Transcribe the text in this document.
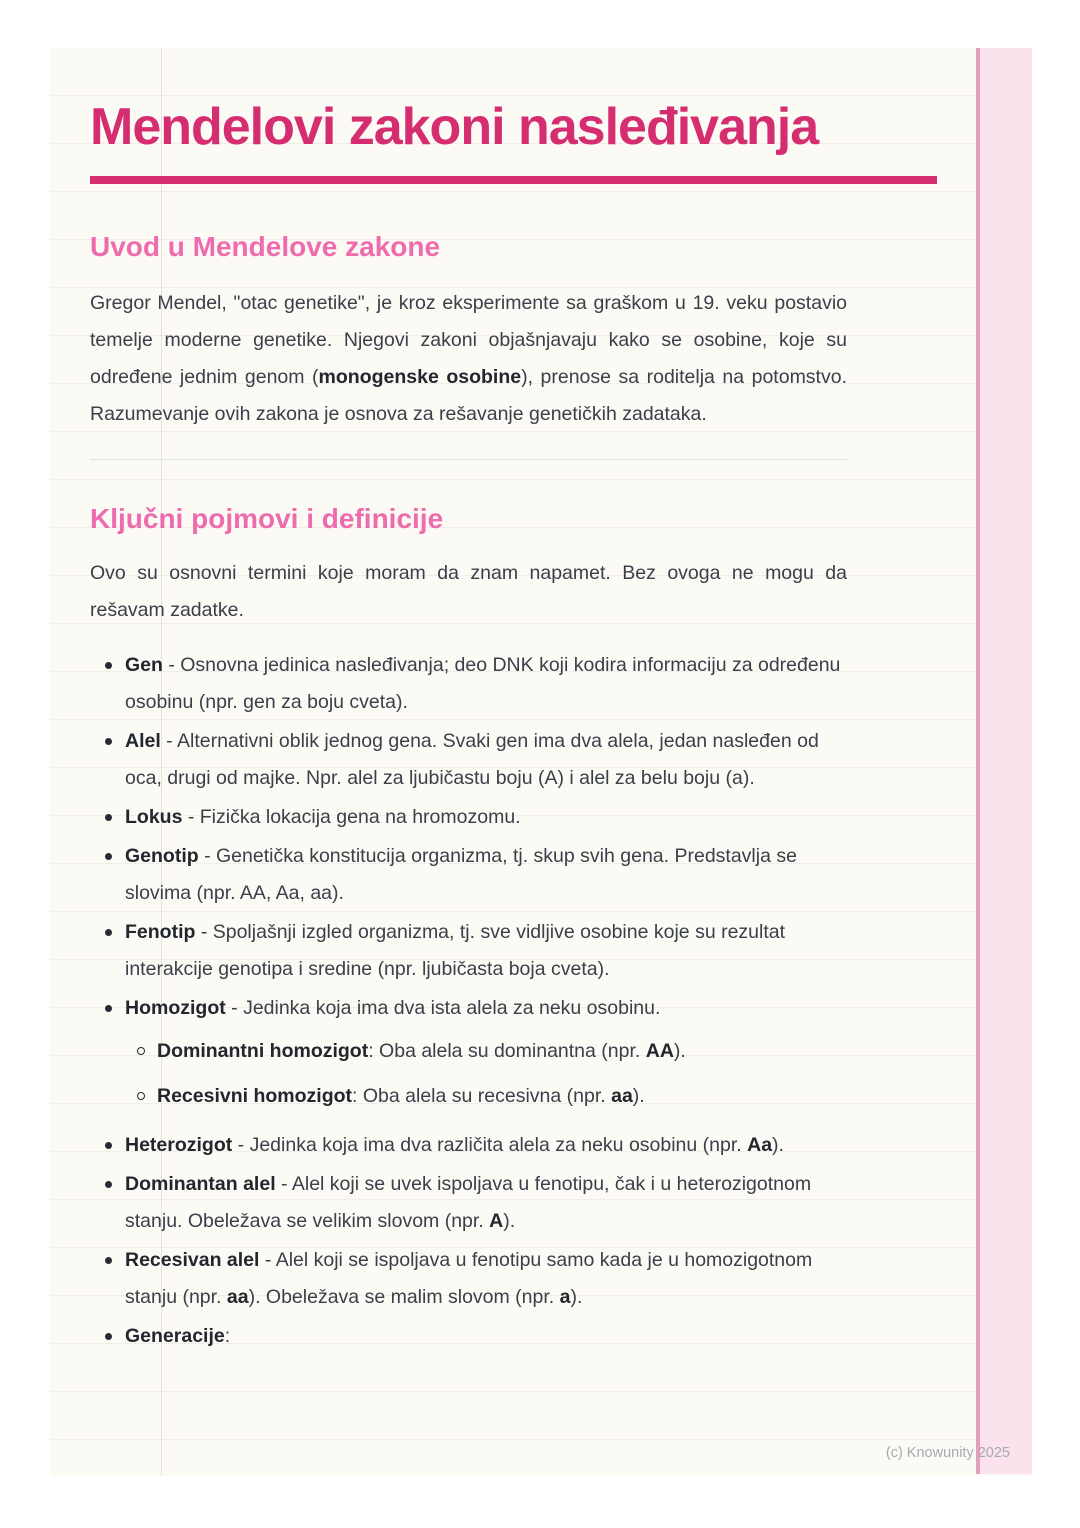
Mendelovi zakoni nasleđivanja
Uvod u Mendelove zakone

Gregor Mendel, "otac genetike", je kroz eksperimente sa graškom u 19. veku postavio temelje moderne genetike. Njegovi zakoni objašnjavaju kako se osobine, koje su određene jednim genom (monogenske osobine), prenose sa roditelja na potomstvo. Razumevanje ovih zakona je osnova za rešavanje genetičkih zadataka.

Ključni pojmovi i definicije

Ovo su osnovni termini koje moram da znam napamet. Bez ovoga ne mogu da rešavam zadatke.

Gen - Osnovna jedinica nasleđivanja; deo DNK koji kodira informaciju za određenu osobinu (npr. gen za boju cveta).
Alel - Alternativni oblik jednog gena. Svaki gen ima dva alela, jedan nasleđen od oca, drugi od majke. Npr. alel za ljubičastu boju (A) i alel za belu boju (a).
Lokus - Fizička lokacija gena na hromozomu.
Genotip - Genetička konstitucija organizma, tj. skup svih gena. Predstavlja se slovima (npr. AA, Aa, aa).
Fenotip - Spoljašnji izgled organizma, tj. sve vidljive osobine koje su rezultat interakcije genotipa i sredine (npr. ljubičasta boja cveta).
Homozigot - Jedinka koja ima dva ista alela za neku osobinu.
Dominantni homozigot: Oba alela su dominantna (npr. AA).
Recesivni homozigot: Oba alela su recesivna (npr. aa).
Heterozigot - Jedinka koja ima dva različita alela za neku osobinu (npr. Aa).
Dominantan alel - Alel koji se uvek ispoljava u fenotipu, čak i u heterozigotnom stanju. Obeležava se velikim slovom (npr. A).
Recesivan alel - Alel koji se ispoljava u fenotipu samo kada je u homozigotnom stanju (npr. aa). Obeležava se malim slovom (npr. a).
Generacije:
(c) Knowunity 2025
